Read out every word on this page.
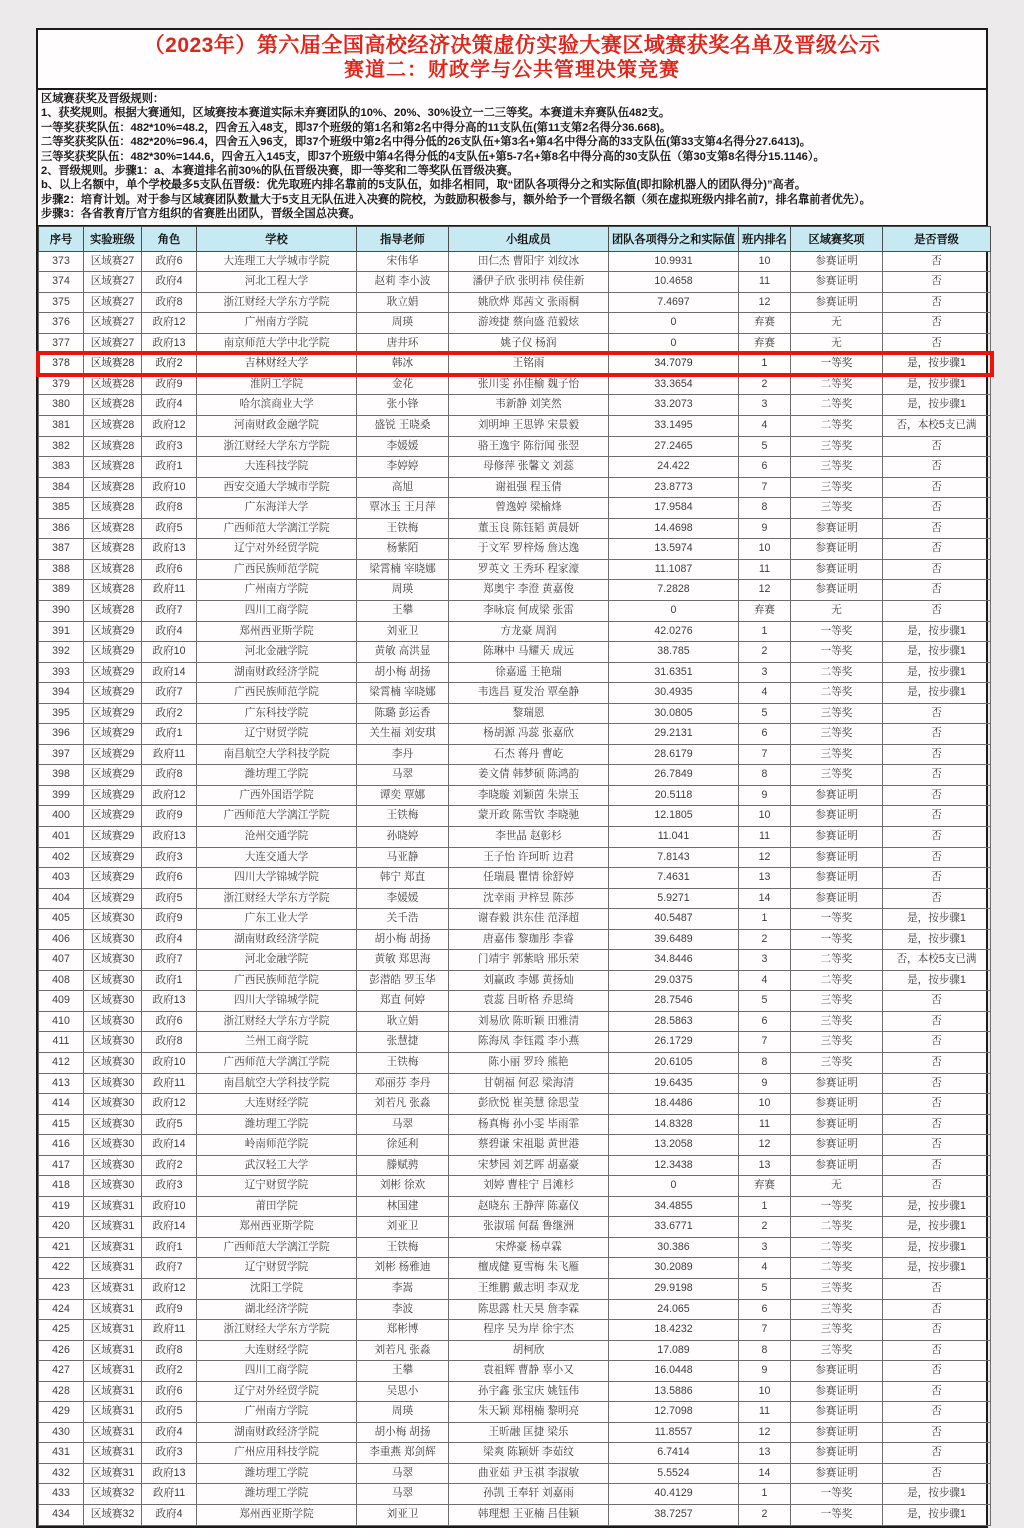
（2023年）第六届全国高校经济决策虚仿实验大赛区域赛获奖名单及晋级公示
赛道二：财政学与公共管理决策竞赛
区域赛获奖及晋级规则：
1、获奖规则。根据大赛通知，区域赛按本赛道实际未弃赛团队的10%、20%、30%设立一二三等奖。本赛道未弃赛队伍482支。
一等奖获奖队伍：482*10%=48.2，四舍五入48支，即37个班级的第1名和第2名中得分高的11支队伍(第11支第2名得分36.668)。
二等奖获奖队伍：482*20%=96.4，四舍五入96支，即37个班级中第2名中得分低的26支队伍+第3名+第4名中得分高的33支队伍(第33支第4名得分27.6413)。
三等奖获奖队伍：482*30%=144.6，四舍五入145支，即37个班级中第4名得分低的4支队伍+第5-7名+第8名中得分高的30支队伍（第30支第8名得分15.1146）。
2、晋级规则。步骤1：a、本赛道排名前30%的队伍晋级决赛，即一等奖和二等奖队伍晋级决赛。
b、以上名额中，单个学校最多5支队伍晋级：优先取班内排名靠前的5支队伍，如排名相同，取“团队各项得分之和实际值(即扣除机器人的团队得分)”高者。
步骤2：培育计划。对于参与区域赛团队数量大于5支且无队伍进入决赛的院校，为鼓励积极参与，额外给予一个晋级名额（须在虚拟班级内排名前7，排名靠前者优先）。
步骤3：各省教育厅官方组织的省赛胜出团队，晋级全国总决赛。
序号	实验班级	角色	学校	指导老师	小组成员	团队各项得分之和实际值	班内排名	区域赛奖项	是否晋级
373	区域赛27	政府6	大连理工大学城市学院	宋伟华	田仁杰 曹阳宇 刘纹冰	10.9931	10	参赛证明	否
374	区域赛27	政府4	河北工程大学	赵莉 李小波	潘伊子欣 张明祎 侯佳新	10.4658	11	参赛证明	否
375	区域赛27	政府8	浙江财经大学东方学院	耿立娟	姚欣烨 郑茜文 张雨桐	7.4697	12	参赛证明	否
376	区域赛27	政府12	广州南方学院	周瑛	游竣捷 蔡向盛 范毅炫	0	弃赛	无	否
377	区域赛27	政府13	南京师范大学中北学院	唐井环	姚子仪 杨润	0	弃赛	无	否
378	区域赛28	政府2	吉林财经大学	韩冰	王铭雨	34.7079	1	一等奖	是，按步骤1
379	区域赛28	政府9	淮阴工学院	金花	张川雯 孙佳榆 魏子怡	33.3654	2	二等奖	是，按步骤1
380	区域赛28	政府4	哈尔滨商业大学	张小锋	韦新静 刘笑然	33.2073	3	二等奖	是，按步骤1
381	区域赛28	政府12	河南财政金融学院	盛锐 王晓桑	刘明坤 王思铧 宋景毅	33.1495	4	二等奖	否，本校5支已满
382	区域赛28	政府3	浙江财经大学东方学院	李媛媛	骆王逸宇 陈衍闻 张翌	27.2465	5	三等奖	否
383	区域赛28	政府1	大连科技学院	李婷婷	母修萍 张馨文 刘蕊	24.422	6	三等奖	否
384	区域赛28	政府10	西安交通大学城市学院	高旭	谢祖强 程玉倩	23.8773	7	三等奖	否
385	区域赛28	政府8	广东海洋大学	覃冰玉 王月萍	曾逸婷 梁榆烽	17.9584	8	三等奖	否
386	区域赛28	政府5	广西师范大学漓江学院	王铁梅	董玉良 陈钰韬 黄晨妍	14.4698	9	参赛证明	否
387	区域赛28	政府13	辽宁对外经贸学院	杨紫陌	于文军 罗梓炀 詹达逸	13.5974	10	参赛证明	否
388	区域赛28	政府6	广西民族师范学院	梁霄楠 宰晓娜	罗英文 王秀环 程家濠	11.1087	11	参赛证明	否
389	区域赛28	政府11	广州南方学院	周瑛	郑奥宇 李澄 黄嘉俊	7.2828	12	参赛证明	否
390	区域赛28	政府7	四川工商学院	王攀	李咏宸 何成梁 张雷	0	弃赛	无	否
391	区域赛29	政府4	郑州西亚斯学院	刘亚卫	方龙豪 周润	42.0276	1	一等奖	是，按步骤1
392	区域赛29	政府10	河北金融学院	黄敏 高洪显	陈琳中 马耀天 成远	38.785	2	一等奖	是，按步骤1
393	区域赛29	政府14	湖南财政经济学院	胡小梅 胡扬	徐嘉遥 王艳瑞	31.6351	3	二等奖	是，按步骤1
394	区域赛29	政府7	广西民族师范学院	梁霄楠 宰晓娜	韦选昌 夏发治 覃垒静	30.4935	4	二等奖	是，按步骤1
395	区域赛29	政府2	广东科技学院	陈璐 彭运香	黎瑞恩	30.0805	5	三等奖	否
396	区域赛29	政府1	辽宁财贸学院	关生福 刘安琪	杨胡源 冯蕊 张嘉欣	29.2131	6	三等奖	否
397	区域赛29	政府11	南昌航空大学科技学院	李丹	石杰 蒋丹 曹屹	28.6179	7	三等奖	否
398	区域赛29	政府8	潍坊理工学院	马翠	姜文倩 韩梦硕 陈鸿韵	26.7849	8	三等奖	否
399	区域赛29	政府12	广西外国语学院	谭奕 覃娜	李晓璇 刘颖茵 朱崇玉	20.5118	9	参赛证明	否
400	区域赛29	政府9	广西师范大学漓江学院	王铁梅	蒙开政 陈雪钦 李晓驰	12.1805	10	参赛证明	否
401	区域赛29	政府13	沧州交通学院	孙晓婷	李世晶 赵彰杉	11.041	11	参赛证明	否
402	区域赛29	政府3	大连交通大学	马亚静	王子怡 许珂昕 边君	7.8143	12	参赛证明	否
403	区域赛29	政府6	四川大学锦城学院	韩宁 郑直	任瑞晨 瞿情 徐舒婷	7.4631	13	参赛证明	否
404	区域赛29	政府5	浙江财经大学东方学院	李媛媛	沈幸雨 尹梓昱 陈莎	5.9271	14	参赛证明	否
405	区域赛30	政府9	广东工业大学	关千浩	谢春毅 洪东佳 范泽超	40.5487	1	一等奖	是，按步骤1
406	区域赛30	政府4	湖南财政经济学院	胡小梅 胡扬	唐嘉伟 黎珈彤 李睿	39.6489	2	一等奖	是，按步骤1
407	区域赛30	政府7	河北金融学院	黄敏 郑思海	门靖宇 郭紫晗 邢乐荣	34.8446	3	二等奖	否，本校5支已满
408	区域赛30	政府1	广西民族师范学院	彭潜皓 罗玉华	刘赢政 李娜 黄扬灿	29.0375	4	二等奖	是，按步骤1
409	区域赛30	政府13	四川大学锦城学院	郑直 何婷	袁蕊 吕昕格 乔思绮	28.7546	5	三等奖	否
410	区域赛30	政府6	浙江财经大学东方学院	耿立娟	刘易欣 陈昕颖 田雅清	28.5863	6	三等奖	否
411	区域赛30	政府8	兰州工商学院	张慧捷	陈海凤 李钰霞 李小燕	26.1729	7	三等奖	否
412	区域赛30	政府10	广西师范大学漓江学院	王铁梅	陈小丽 罗玲 熊艳	20.6105	8	三等奖	否
413	区域赛30	政府11	南昌航空大学科技学院	邓丽芬 李丹	甘朝福 何忍 梁海清	19.6435	9	参赛证明	否
414	区域赛30	政府12	大连财经学院	刘若凡 张淼	彭欣悦 崔美慧 徐思莹	18.4486	10	参赛证明	否
415	区域赛30	政府5	潍坊理工学院	马翠	杨真梅 孙小雯 毕雨霏	14.8328	11	参赛证明	否
416	区域赛30	政府14	岭南师范学院	徐延利	蔡碧谦 宋祖聪 黄世港	13.2058	12	参赛证明	否
417	区域赛30	政府2	武汉轻工大学	滕赋骋	宋梦园 刘艺晖 胡嘉豪	12.3438	13	参赛证明	否
418	区域赛30	政府3	辽宁财贸学院	刘彬 徐欢	刘婷 曹桂宁 吕滩杉	0	弃赛	无	否
419	区域赛31	政府10	莆田学院	林国建	赵晓东 王静萍 陈嘉仪	34.4855	1	一等奖	是，按步骤1
420	区域赛31	政府14	郑州西亚斯学院	刘亚卫	张淑瑶 何磊 鲁继洲	33.6771	2	二等奖	是，按步骤1
421	区域赛31	政府1	广西师范大学漓江学院	王铁梅	宋烨豪 杨卓霖	30.386	3	二等奖	是，按步骤1
422	区域赛31	政府7	辽宁财贸学院	刘彬 杨雅迪	檀成健 夏雪梅 朱飞雁	30.2089	4	二等奖	是，按步骤1
423	区域赛31	政府12	沈阳工学院	李嵩	王维鹏 戴志明 李双龙	29.9198	5	三等奖	否
424	区域赛31	政府9	湖北经济学院	李波	陈思露 杜天昊 詹李霖	24.065	6	三等奖	否
425	区域赛31	政府11	浙江财经大学东方学院	郑彬博	程序 吴为岸 徐宇杰	18.4232	7	三等奖	否
426	区域赛31	政府8	大连财经学院	刘若凡 张淼	胡柯欣	17.089	8	三等奖	否
427	区域赛31	政府2	四川工商学院	王攀	袁祖辉 曹静 辜小又	16.0448	9	参赛证明	否
428	区域赛31	政府6	辽宁对外经贸学院	吴思小	孙宇鑫 张宝庆 姚钰伟	13.5886	10	参赛证明	否
429	区域赛31	政府5	广州南方学院	周瑛	朱天颖 郑栩楠 黎明亮	12.7098	11	参赛证明	否
430	区域赛31	政府4	湖南财政经济学院	胡小梅 胡扬	王昕融 匡捷 梁乐	11.8557	12	参赛证明	否
431	区域赛31	政府3	广州应用科技学院	李重燕 郑剑辉	梁爽 陈颖妍 李茹纹	6.7414	13	参赛证明	否
432	区域赛31	政府13	潍坊理工学院	马翠	曲亚茹 尹玉祺 李淑敏	5.5524	14	参赛证明	否
433	区域赛32	政府11	潍坊理工学院	马翠	孙凯 王奉轩 刘嘉雨	40.4129	1	一等奖	是，按步骤1
434	区域赛32	政府4	郑州西亚斯学院	刘亚卫	韩理想 王亚楠 吕佳颖	38.7257	2	一等奖	是，按步骤1
